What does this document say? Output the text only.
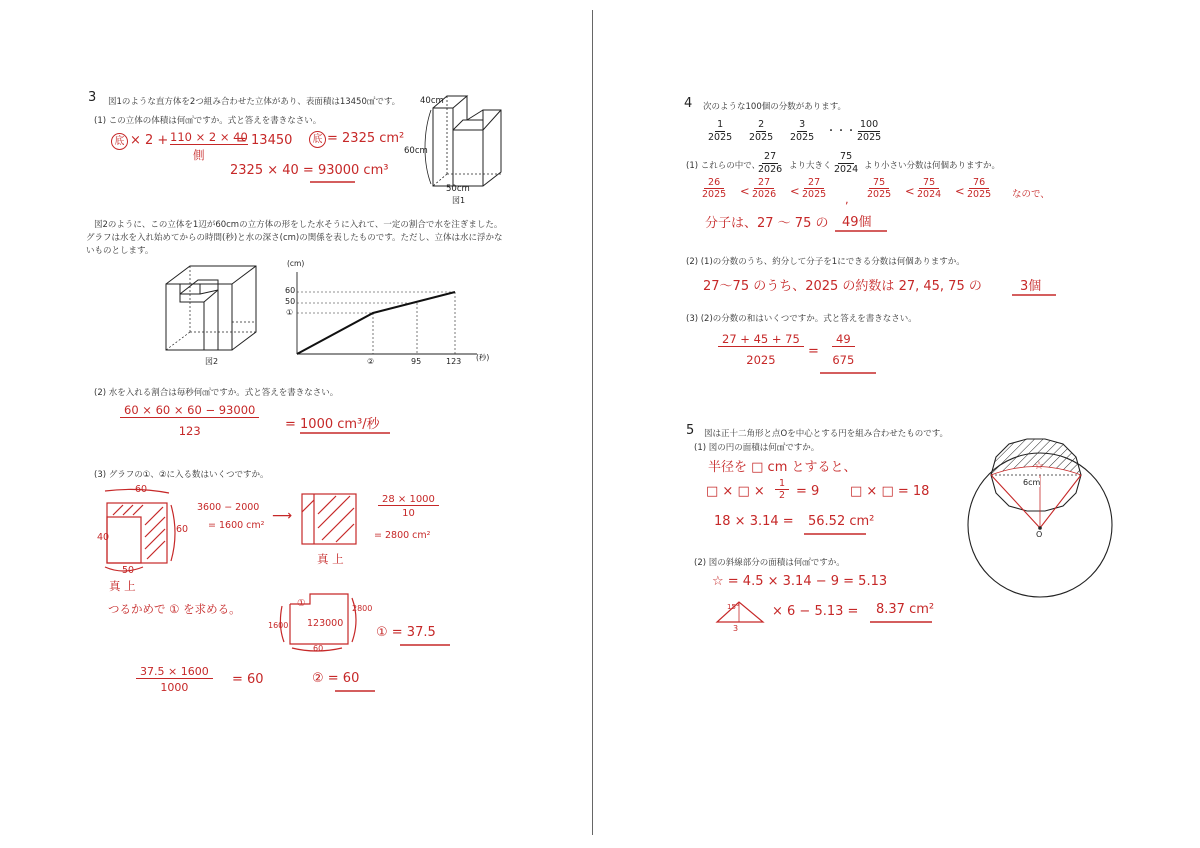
3 図1のような直方体を2つ組み合わせた立体があり、表面積は13450㎠です。
(1) この立体の体積は何㎤ですか。式と答えを書きなさい。
底 × 2 + 110 × 2 × 40
側
= 13450	底 = 2325 cm²
2325 × 40 = 93000 cm³
40cm
60cm
50cm
図1
図2のように、この立体を1辺が60cmの立方体の形をした水そうに入れて、一定の割合で水を注ぎました。
グラフは水を入れ始めてからの時間(秒)と水の深さ(cm)の関係を表したものです。ただし、立体は水に浮かな
いものとします。
図2
(cm)
60
50
①
②	95	123 (秒)
(2) 水を入れる割合は毎秒何㎤ですか。式と答えを書きなさい。
60 × 60 × 60 − 93000
123	= 1000 cm³/秒
(3) グラフの①、②に入る数はいくつですか。
60
40
50
60
真 上
3600 − 2000
= 1600 cm²
⟶
真 上
28 × 1000
10
= 2800 cm²
つるかめで ① を求める。	①
123000
2800
1600
60
① = 37.5
37.5 × 1600
1000
= 60	② = 60
4 次のような100個の分数があります。
$\frac{1}{2025} \frac{2}{2025} \frac{3}{2025}$ ・・・ $\frac{100}{2025}$
(1) これらの中で、
$\frac{27}{2026}$ より大きく $\frac{75}{2024}$ より小さい分数は何個ありますか。
26
2025 <
27
2026 <
27
2025 ,
75
2025 <
75
2024 <
76
2025 なので、
分子は、27 〜 75 の 49個
(2) (1)の分数のうち、約分して分子を1にできる分数は何個ありますか。
27〜75 のうち、2025 の約数は 27, 45, 75 の	3個
(3) (2)の分数の和はいくつですか。式と答えを書きなさい。
27 + 45 + 75
2025
=
49
675
5 図は正十二角形と点Oを中心とする円を組み合わせたものです。
(1) 図の円の面積は何㎠ですか。
半径を □ cm とすると、
□ × □ ×
1
2 = 9 □ × □ = 18
18 × 3.14 = 56.52 cm²
(2) 図の斜線部分の面積は何㎠ですか。
☆ = 4.5 × 3.14 − 9 = 5.13
15°
3
× 6 − 5.13 = 8.37 cm²
6cm
O
☆
